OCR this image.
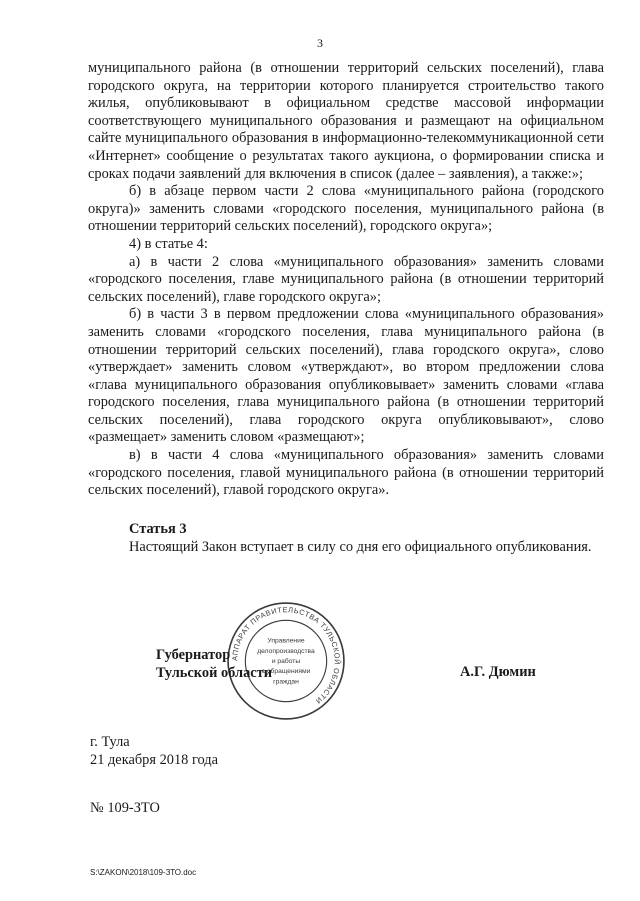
3

муниципального района (в отношении территорий сельских поселений), глава городского округа, на территории которого планируется строительство такого жилья, опубликовывают в официальном средстве массовой информации соответствующего муниципального образования и размещают на официальном сайте муниципального образования в информационно-телекоммуникационной сети «Интернет» сообщение о результатах такого аукциона, о формировании списка и сроках подачи заявлений для включения в список (далее – заявления), а также:»;

б) в абзаце первом части 2 слова «муниципального района (городского округа)» заменить словами «городского поселения, муниципального района (в отношении территорий сельских поселений), городского округа»;

4) в статье 4:

а) в части 2 слова «муниципального образования» заменить словами «городского поселения, главе муниципального района (в отношении территорий сельских поселений), главе городского округа»;

б) в части 3 в первом предложении слова «муниципального образования» заменить словами «городского поселения, глава муниципального района (в отношении территорий сельских поселений), глава городского округа», слово «утверждает» заменить словом «утверждают», во втором предложении слова «глава муниципального образования опубликовывает» заменить словами «глава городского поселения, глава муниципального района (в отношении территорий сельских поселений), глава городского округа опубликовывают», слово «размещает» заменить словом «размещают»;

в) в части 4 слова «муниципального образования» заменить словами «городского поселения, главой муниципального района (в отношении территорий сельских поселений), главой городского округа».

Статья 3

Настоящий Закон вступает в силу со дня его официального опубликования.

АППАРАТ ПРАВИТЕЛЬСТВА ТУЛЬСКОЙ ОБЛАСТИ
Управление
делопроизводства
и работы
с обращениями
граждан
Губернатор
Тульской области	А.Г. Дюмин
г. Тула
21 декабря 2018 года
№ 109-ЗТО
S:\ZAKON\2018\109-ЗТО.doc
